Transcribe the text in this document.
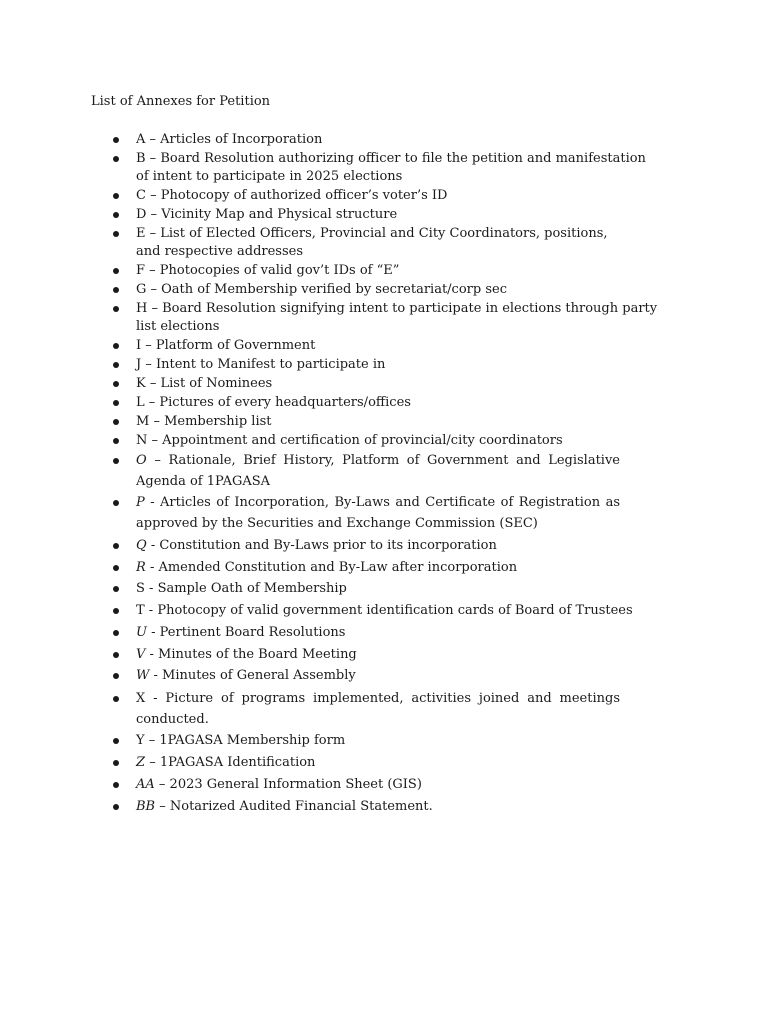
List of Annexes for Petition
A – Articles of Incorporation
B – Board Resolution authorizing officer to file the petition and manifestation of intent to participate in 2025 elections
C – Photocopy of authorized officer’s voter’s ID
D – Vicinity Map and Physical structure
E – List of Elected Officers, Provincial and City Coordinators, positions, and respective addresses
F – Photocopies of valid gov’t IDs of “E”
G – Oath of Membership verified by secretariat/corp sec
H – Board Resolution signifying intent to participate in elections through party list elections
I – Platform of Government
J – Intent to Manifest to participate in
K – List of Nominees
L – Pictures of every headquarters/offices
M – Membership list
N – Appointment and certification of provincial/city coordinators
O – Rationale, Brief History, Platform of Government and Legislative Agenda of 1PAGASA
P - Articles of Incorporation, By-Laws and Certificate of Registration as approved by the Securities and Exchange Commission (SEC)
Q - Constitution and By-Laws prior to its incorporation
R - Amended Constitution and By-Law after incorporation
S - Sample Oath of Membership
T - Photocopy of valid government identification cards of Board of Trustees
U - Pertinent Board Resolutions
V - Minutes of the Board Meeting
W - Minutes of General Assembly
X - Picture of programs implemented, activities joined and meetings conducted.
Y – 1PAGASA Membership form
Z – 1PAGASA Identification
AA – 2023 General Information Sheet (GIS)
BB – Notarized Audited Financial Statement.
